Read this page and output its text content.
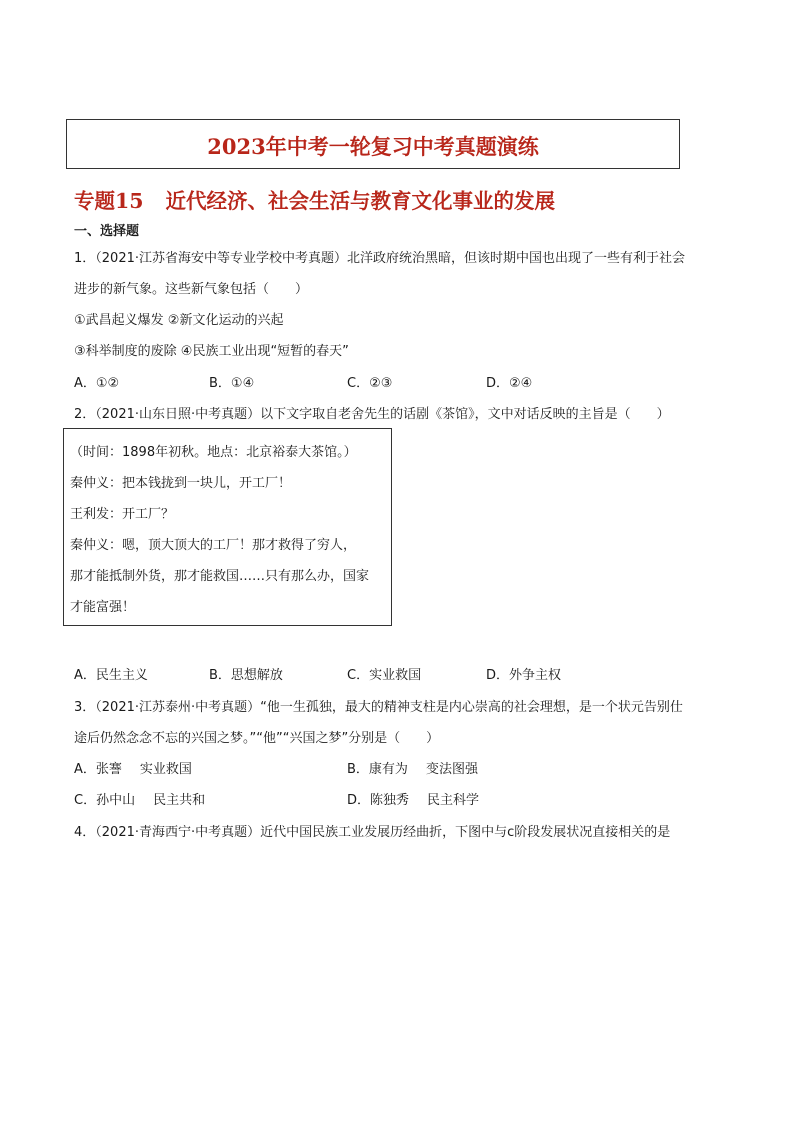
2023年中考一轮复习中考真题演练
专题15 近代经济、社会生活与教育文化事业的发展
一、选择题
1．（2021·江苏省海安中等专业学校中考真题）北洋政府统治黑暗，但该时期中国也出现了一些有利于社会
进步的新气象。这些新气象包括（　　）
①武昌起义爆发 ②新文化运动的兴起
③科举制度的废除 ④民族工业出现“短暂的春天”
A．①②	B．①④	C．②③	D．②④
2．（2021·山东日照·中考真题）以下文字取自老舍先生的话剧《茶馆》，文中对话反映的主旨是（　　）
（时间：1898年初秋。地点：北京裕泰大茶馆。）
秦仲义：把本钱拢到一块儿，开工厂！
王利发：开工厂？
秦仲义：嗯，顶大顶大的工厂！那才救得了穷人，
那才能抵制外货，那才能救国……只有那么办，国家
才能富强！
A．民生主义	B．思想解放	C．实业救国	D．外争主权
3．（2021·江苏泰州·中考真题）“他一生孤独，最大的精神支柱是内心崇高的社会理想，是一个状元告别仕
途后仍然念念不忘的兴国之梦。”“他”“兴国之梦”分别是（　　）
A．张謇 实业救国	B．康有为 变法图强
C．孙中山 民主共和	D．陈独秀 民主科学
4．（2021·青海西宁·中考真题）近代中国民族工业发展历经曲折，下图中与c阶段发展状况直接相关的是
